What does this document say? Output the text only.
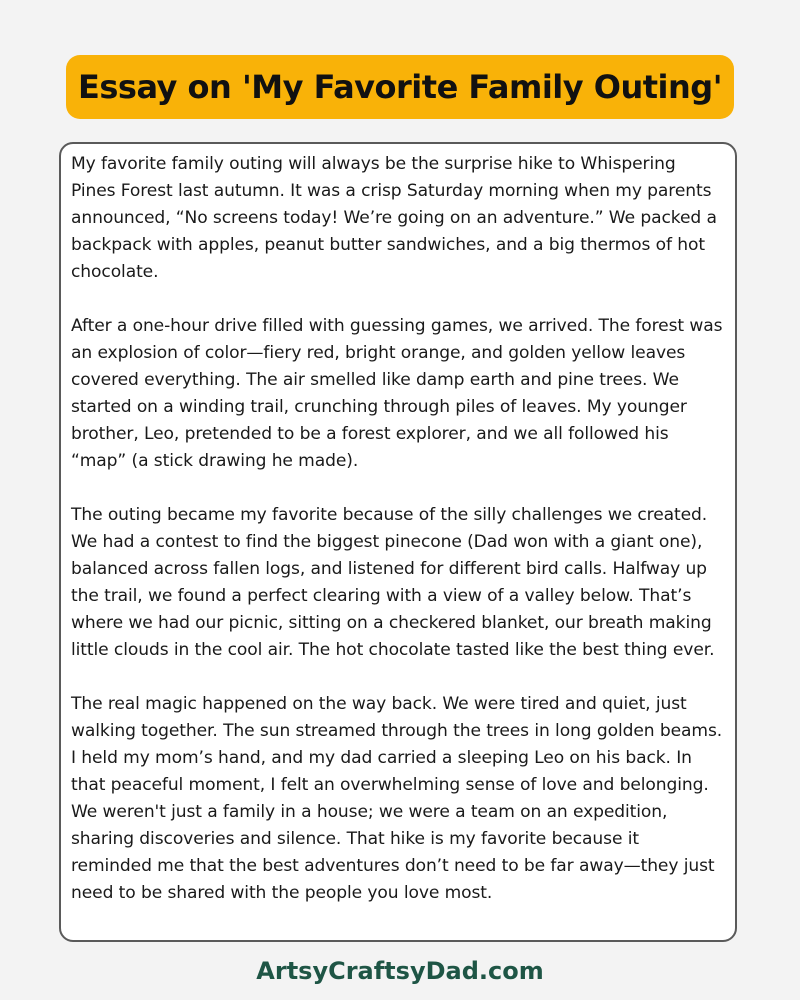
Essay on 'My Favorite Family Outing'

My favorite family outing will always be the surprise hike to Whispering Pines Forest last autumn. It was a crisp Saturday morning when my parents announced, “No screens today! We’re going on an adventure.” We packed a backpack with apples, peanut butter sandwiches, and a big thermos of hot chocolate.

After a one-hour drive filled with guessing games, we arrived. The forest was an explosion of color—fiery red, bright orange, and golden yellow leaves covered everything. The air smelled like damp earth and pine trees. We started on a winding trail, crunching through piles of leaves. My younger brother, Leo, pretended to be a forest explorer, and we all followed his “map” (a stick drawing he made).

The outing became my favorite because of the silly challenges we created. We had a contest to find the biggest pinecone (Dad won with a giant one), balanced across fallen logs, and listened for different bird calls. Halfway up the trail, we found a perfect clearing with a view of a valley below. That’s where we had our picnic, sitting on a checkered blanket, our breath making little clouds in the cool air. The hot chocolate tasted like the best thing ever.

The real magic happened on the way back. We were tired and quiet, just walking together. The sun streamed through the trees in long golden beams. I held my mom’s hand, and my dad carried a sleeping Leo on his back. In that peaceful moment, I felt an overwhelming sense of love and belonging. We weren't just a family in a house; we were a team on an expedition, sharing discoveries and silence. That hike is my favorite because it reminded me that the best adventures don’t need to be far away—they just need to be shared with the people you love most.

ArtsyCraftsyDad.com
